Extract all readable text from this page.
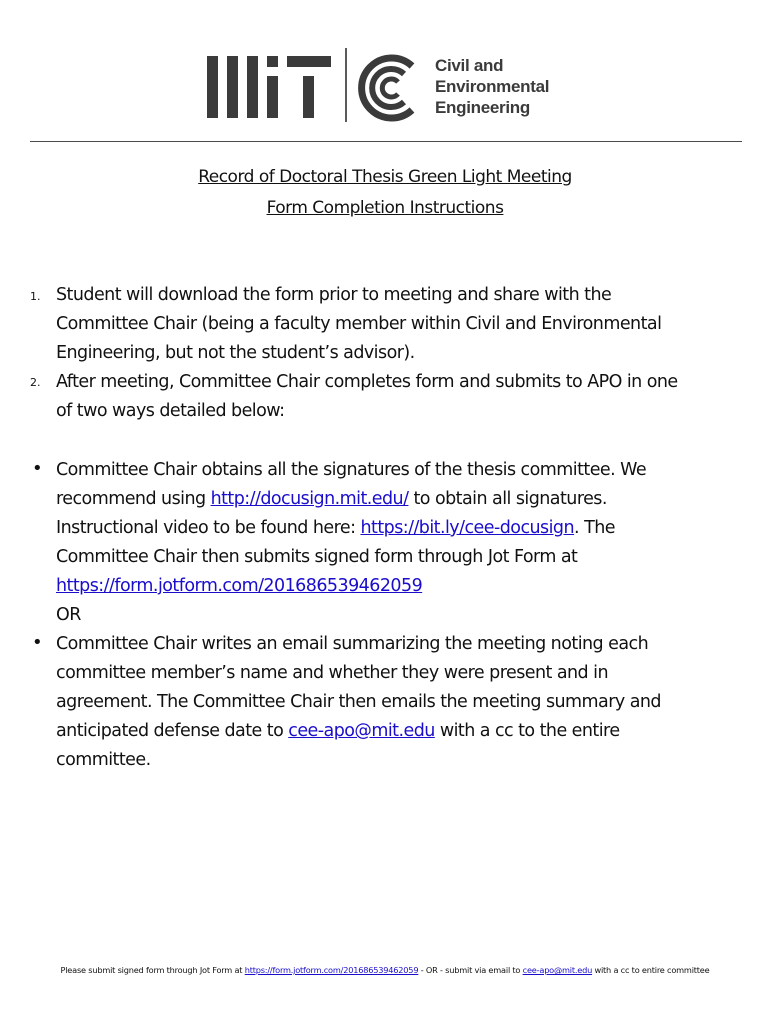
Civil and
Environmental
Engineering
Record of Doctoral Thesis Green Light Meeting
Form Completion Instructions
1. Student will download the form prior to meeting and share with the
Committee Chair (being a faculty member within Civil and Environmental
Engineering, but not the student’s advisor).
2. After meeting, Committee Chair completes form and submits to APO in one
of two ways detailed below:
• Committee Chair obtains all the signatures of the thesis committee. We
recommend using http://docusign.mit.edu/ to obtain all signatures.
Instructional video to be found here: https://bit.ly/cee-docusign. The
Committee Chair then submits signed form through Jot Form at
https://form.jotform.com/201686539462059
OR
• Committee Chair writes an email summarizing the meeting noting each
committee member’s name and whether they were present and in
agreement. The Committee Chair then emails the meeting summary and
anticipated defense date to cee-apo@mit.edu with a cc to the entire
committee.
Please submit signed form through Jot Form at https://form.jotform.com/201686539462059 - OR - submit via email to cee-apo@mit.edu with a cc to entire committee
